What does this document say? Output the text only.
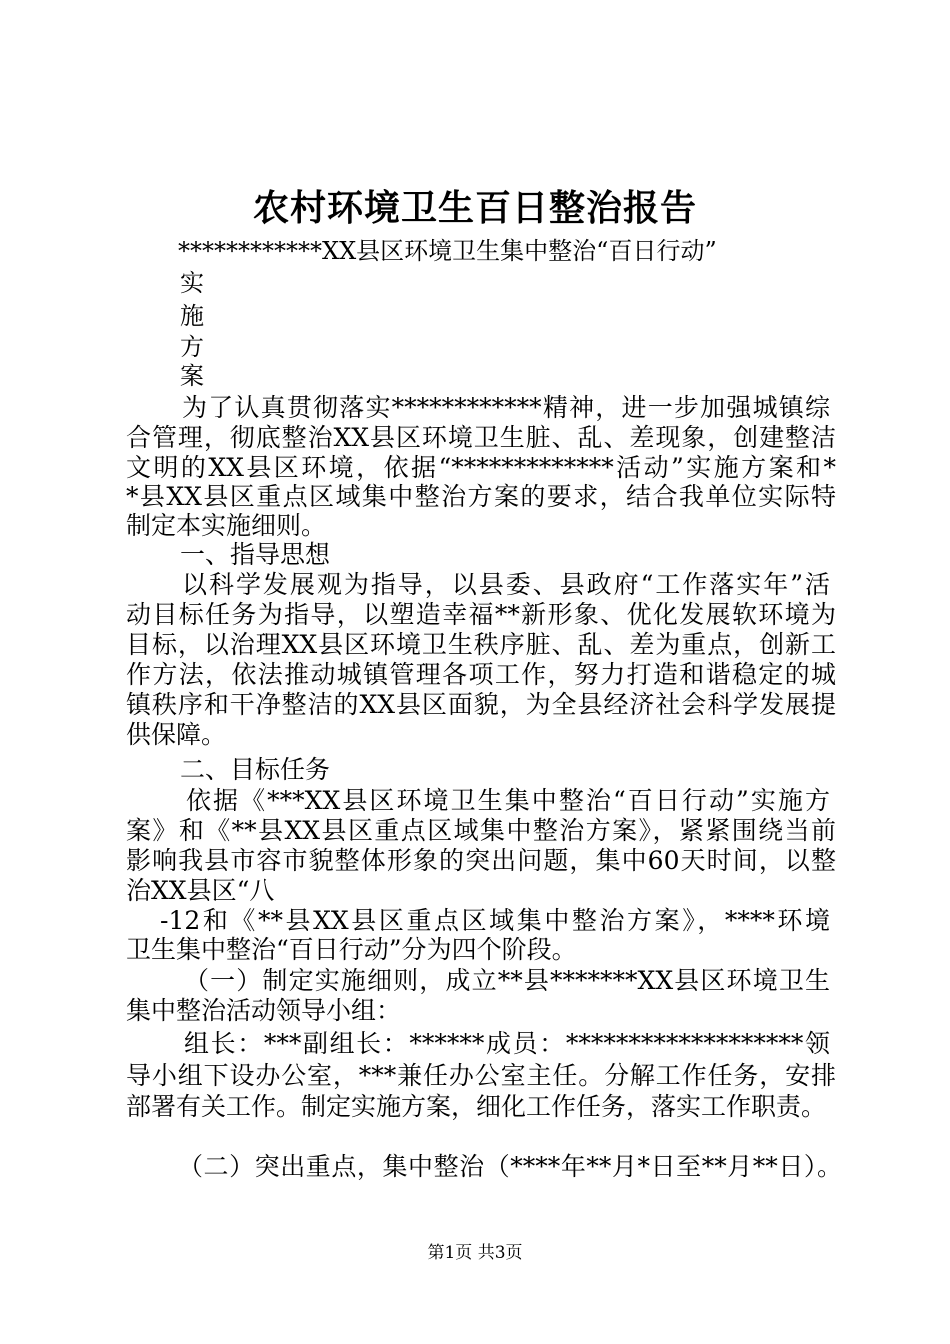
农村环境卫生百日整治报告
************XX县区环境卫生集中整治“百日行动”
实
施
方
案
为了认真贯彻落实************精神，进一步加强城镇综
合管理，彻底整治XX县区环境卫生脏、乱、差现象，创建整洁
文明的XX县区环境，依据“*************活动”实施方案和*
*县XX县区重点区域集中整治方案的要求，结合我单位实际特
制定本实施细则。
一、指导思想
以科学发展观为指导，以县委、县政府“工作落实年”活
动目标任务为指导，以塑造幸福**新形象、优化发展软环境为
目标，以治理XX县区环境卫生秩序脏、乱、差为重点，创新工
作方法，依法推动城镇管理各项工作，努力打造和谐稳定的城
镇秩序和干净整洁的XX县区面貌，为全县经济社会科学发展提
供保障。
二、目标任务
依据《***XX县区环境卫生集中整治“百日行动”实施方
案》和《**县XX县区重点区域集中整治方案》，紧紧围绕当前
影响我县市容市貌整体形象的突出问题，集中60天时间，以整
治XX县区“八
-12和《**县XX县区重点区域集中整治方案》，****环境
卫生集中整治“百日行动”分为四个阶段。
（一）制定实施细则，成立**县*******XX县区环境卫生
集中整治活动领导小组：
组长：***副组长：******成员：*******************领
导小组下设办公室，***兼任办公室主任。分解工作任务，安排
部署有关工作。制定实施方案，细化工作任务，落实工作职责。
（二）突出重点，集中整治（****年**月*日至**月**日）。
第1页 共3页
